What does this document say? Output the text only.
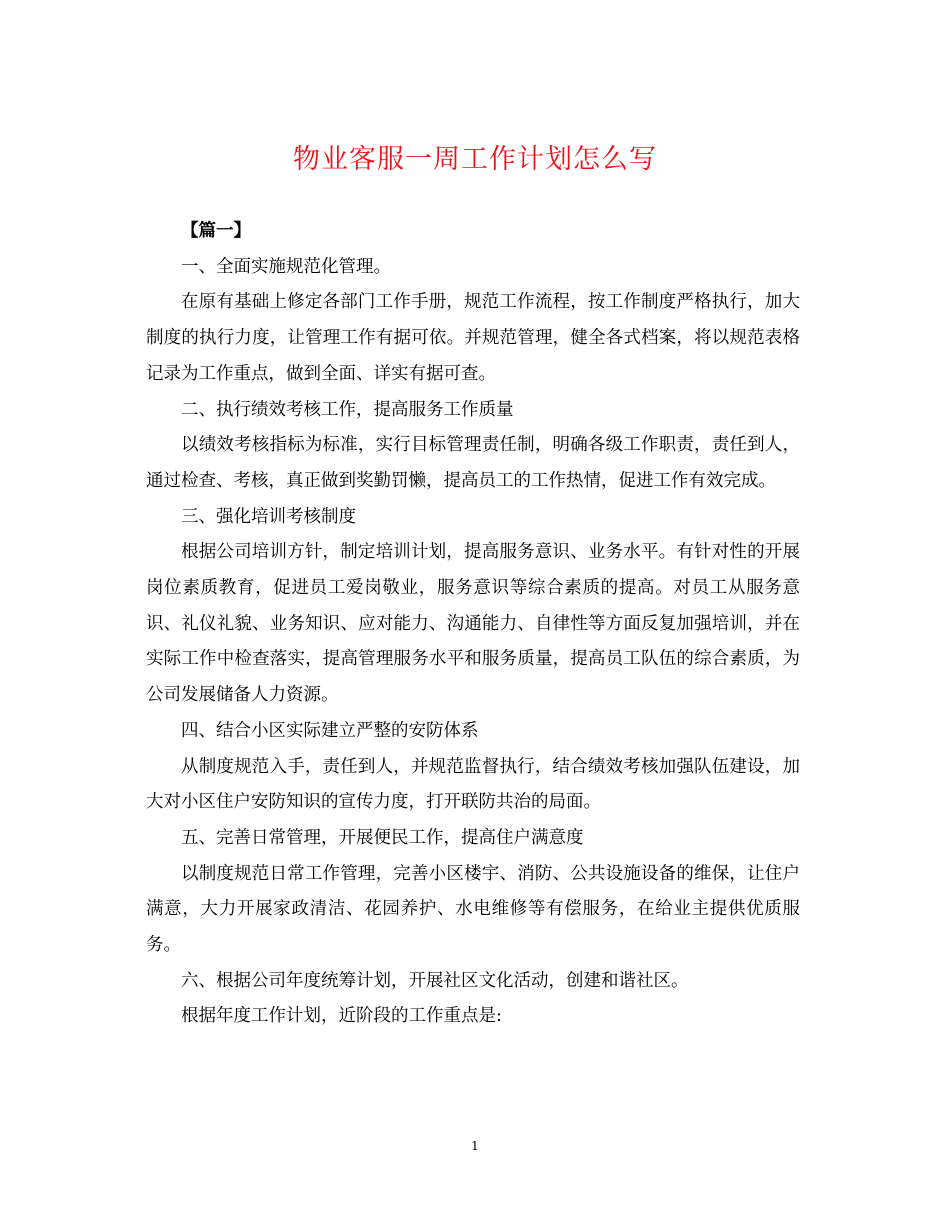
物业客服一周工作计划怎么写

【篇一】

一、全面实施规范化管理。

在原有基础上修定各部门工作手册，规范工作流程，按工作制度严格执行，加大制度的执行力度，让管理工作有据可依。并规范管理，健全各式档案，将以规范表格记录为工作重点，做到全面、详实有据可查。

二、执行绩效考核工作，提高服务工作质量

以绩效考核指标为标准，实行目标管理责任制，明确各级工作职责，责任到人，通过检查、考核，真正做到奖勤罚懒，提高员工的工作热情，促进工作有效完成。

三、强化培训考核制度

根据公司培训方针，制定培训计划，提高服务意识、业务水平。有针对性的开展岗位素质教育，促进员工爱岗敬业，服务意识等综合素质的提高。对员工从服务意识、礼仪礼貌、业务知识、应对能力、沟通能力、自律性等方面反复加强培训，并在实际工作中检查落实，提高管理服务水平和服务质量，提高员工队伍的综合素质，为公司发展储备人力资源。

四、结合小区实际建立严整的安防体系

从制度规范入手，责任到人，并规范监督执行，结合绩效考核加强队伍建设，加大对小区住户安防知识的宣传力度，打开联防共治的局面。

五、完善日常管理，开展便民工作，提高住户满意度

以制度规范日常工作管理，完善小区楼宇、消防、公共设施设备的维保，让住户满意，大力开展家政清洁、花园养护、水电维修等有偿服务，在给业主提供优质服务。

六、根据公司年度统筹计划，开展社区文化活动，创建和谐社区。

根据年度工作计划，近阶段的工作重点是:

1
